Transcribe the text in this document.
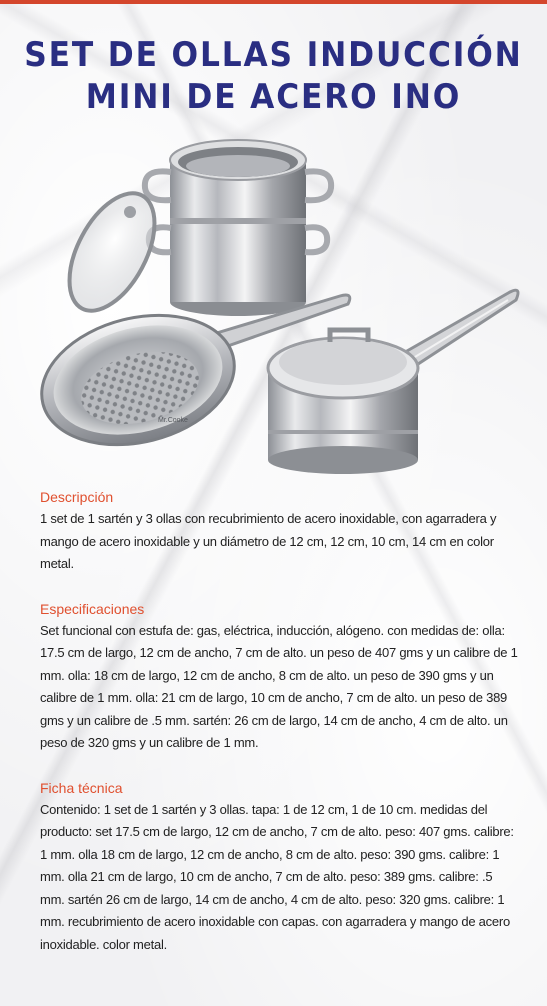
SET DE OLLAS INDUCCIÓN
MINI DE ACERO INO
Mr.Cooke

Descripción

1 set de 1 sartén y 3 ollas con recubrimiento de acero inoxidable, con agarradera y mango de acero inoxidable y un diámetro de 12 cm, 12 cm, 10 cm, 14 cm en color metal.

Especificaciones

Set funcional con estufa de: gas, eléctrica, inducción, alógeno. con medidas de: olla: 17.5 cm de largo, 12 cm de ancho, 7 cm de alto. un peso de 407 gms y un calibre de 1 mm. olla: 18 cm de largo, 12 cm de ancho, 8 cm de alto. un peso de 390 gms y un calibre de 1 mm. olla: 21 cm de largo, 10 cm de ancho, 7 cm de alto. un peso de 389 gms y un calibre de .5 mm. sartén: 26 cm de largo, 14 cm de ancho, 4 cm de alto. un peso de 320 gms y un calibre de 1 mm.

Ficha técnica

Contenido: 1 set de 1 sartén y 3 ollas. tapa: 1 de 12 cm, 1 de 10 cm. medidas del producto: set 17.5 cm de largo, 12 cm de ancho, 7 cm de alto. peso: 407 gms. calibre: 1 mm. olla 18 cm de largo, 12 cm de ancho, 8 cm de alto. peso: 390 gms. calibre: 1 mm. olla 21 cm de largo, 10 cm de ancho, 7 cm de alto. peso: 389 gms. calibre: .5 mm. sartén 26 cm de largo, 14 cm de ancho, 4 cm de alto. peso: 320 gms. calibre: 1 mm. recubrimiento de acero inoxidable con capas. con agarradera y mango de acero inoxidable. color metal.
